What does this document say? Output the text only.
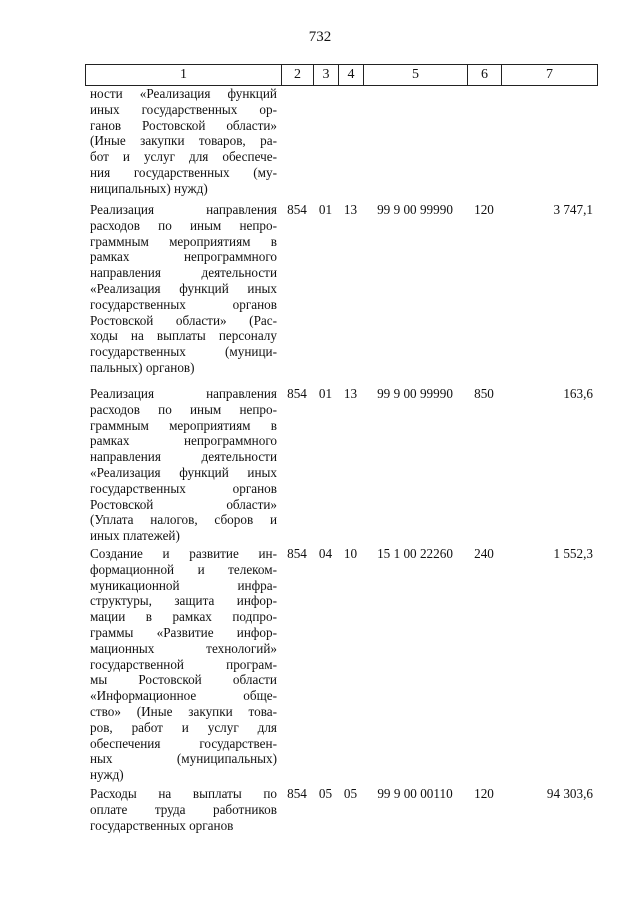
732
1	2	3	4	5	6	7
ности «Реализация функций
иных государственных ор-
ганов Ростовской области»
(Иные закупки товаров, ра-
бот и услуг для обеспече-
ния государственных (му-
ниципальных) нужд)
Реализация направления
расходов по иным непро-
граммным мероприятиям в
рамках непрограммного
направления деятельности
«Реализация функций иных
государственных органов
Ростовской области» (Рас-
ходы на выплаты персоналу
государственных (муници-
пальных) органов)
854 01 13	99 9 00 99990	120	3 747,1
Реализация направления
расходов по иным непро-
граммным мероприятиям в
рамках непрограммного
направления деятельности
«Реализация функций иных
государственных органов
Ростовской области»
(Уплата налогов, сборов и
иных платежей)
854 01 13	99 9 00 99990	850	163,6
Создание и развитие ин-
формационной и телеком-
муникационной инфра-
структуры, защита инфор-
мации в рамках подпро-
граммы «Развитие инфор-
мационных технологий»
государственной програм-
мы Ростовской области
«Информационное обще-
ство» (Иные закупки това-
ров, работ и услуг для
обеспечения государствен-
ных (муниципальных)
нужд)
854 04 10	15 1 00 22260	240	1 552,3
Расходы на выплаты по
оплате труда работников
государственных органов
854 05 05	99 9 00 00110	120	94 303,6
